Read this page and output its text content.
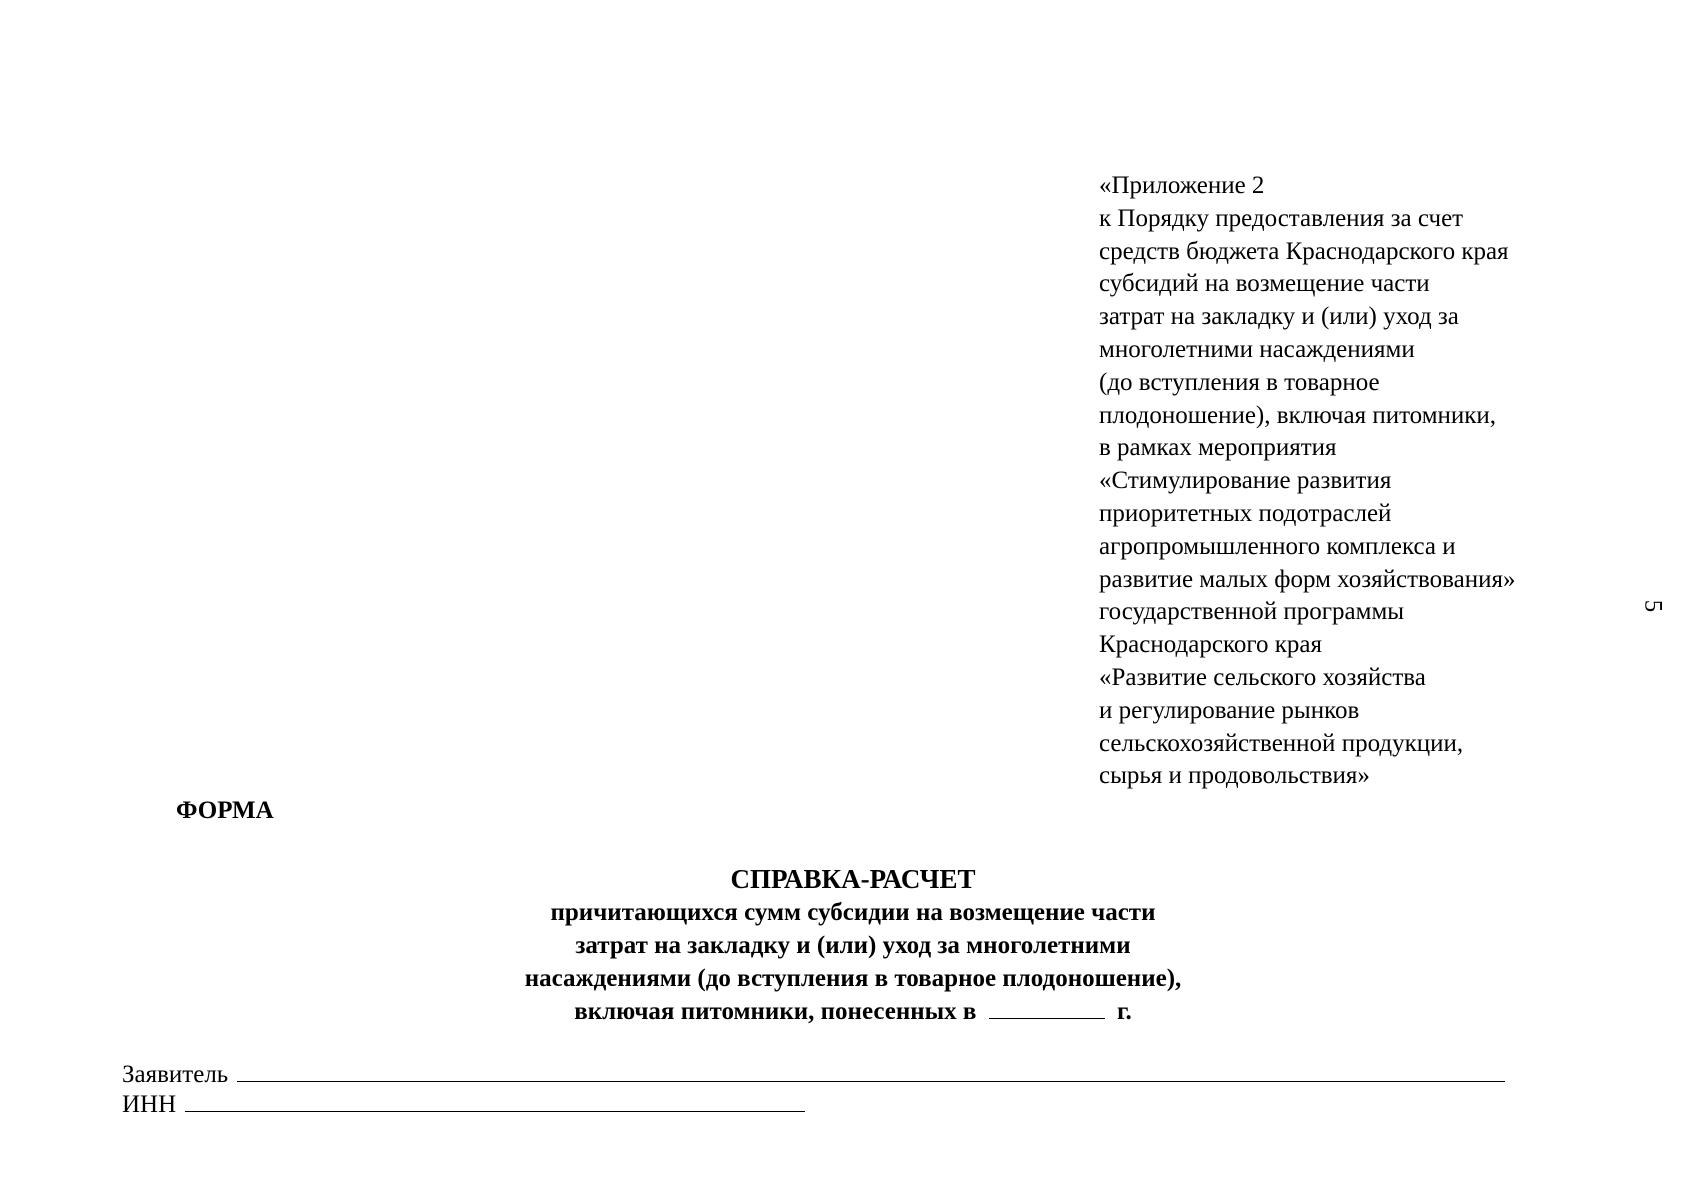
«Приложение 2
к Порядку предоставления за счет
средств бюджета Краснодарского края
субсидий на возмещение части
затрат на закладку и (или) уход за
многолетними насаждениями
(до вступления в товарное
плодоношение), включая питомники,
в рамках мероприятия
«Стимулирование развития
приоритетных подотраслей
агропромышленного комплекса и
развитие малых форм хозяйствования»
государственной программы
Краснодарского края
«Развитие сельского хозяйства
и регулирование рынков
сельскохозяйственной продукции,
сырья и продовольствия»
5
ФОРМА
СПРАВКА-РАСЧЕТ
причитающихся сумм субсидии на возмещение части
затрат на закладку и (или) уход за многолетними
насаждениями (до вступления в товарное плодоношение),
включая питомники, понесенных в	г.
Заявитель
ИНН
